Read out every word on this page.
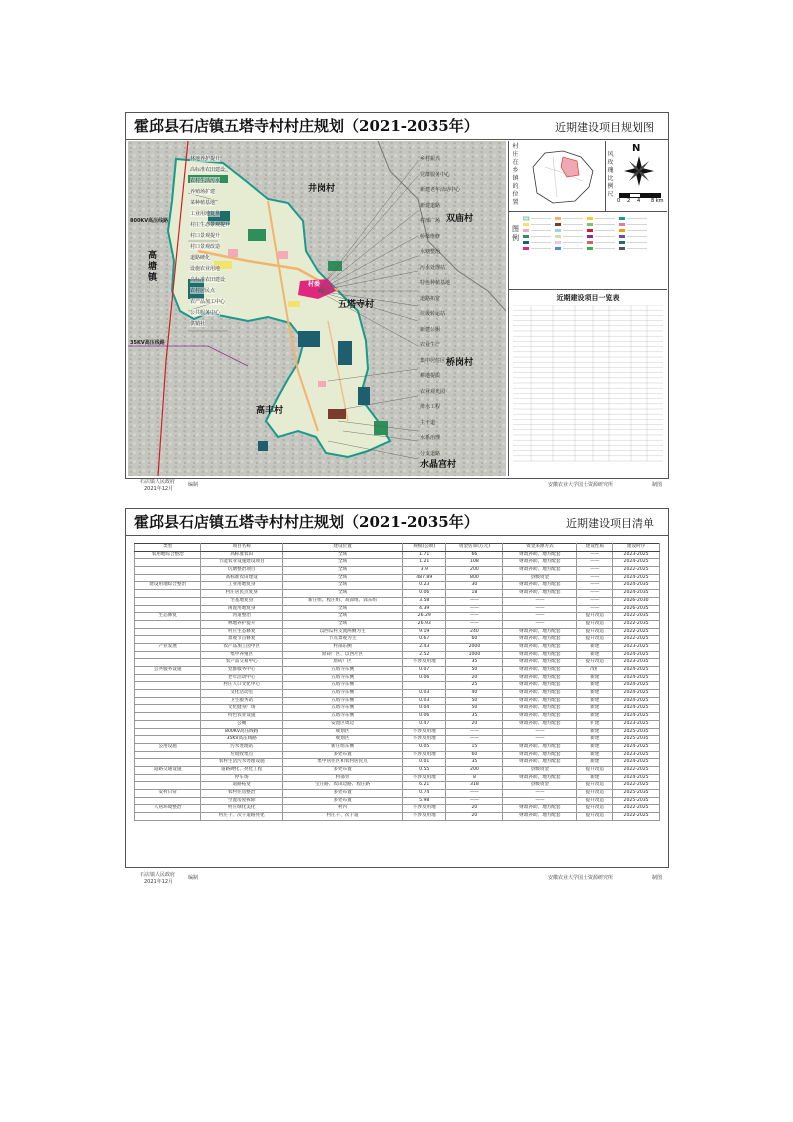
霍邱县石店镇五塔寺村村庄规划（2021-2035年）	近期建设项目规划图
井岗村
双庙村
高塘镇
五塔寺村
桥岗村
高丰村
水晶宫村
村委
800KV高压线路
35KV高压线路
林地养护提升
高标准农田建设
农村生活污水
养殖场扩建
菜种植基地
工业用地复垦
村庄生态景观提升
村口景观提升
村口景观改造
道路硬化
设施农业用地
高标准农田建设
农村居民点
农产品加工中心
公共服务中心
供销社
乡村振兴
党群服务中心
新建老年活动中心
新建道路
村部广场
桥梁维修
水塘整治
污水处理站
特色种植基地
道路拓宽
垃圾转运站
新建公厕
农业生产
集中居住区
耕地提质
农业观光园
排水工程
主干道
水系治理
分支道路
村庄在乡镇的位置
风玫瑰比例尺
N
0 2 4 8 km
图例
近期建设项目一览表
石店镇人民政府
2021年12月
编制	安徽农业大学国土资源研究所	制图
霍邱县石店镇五塔寺村村庄规划（2021-2035年）	近期建设项目清单
类型	项目名称	建设位置	规模(公顷)	资金估算(万元)	资金来源方式	建设性质	建设时序
农用地综合整治	高标准农田	全域	1.71	66	财政补助、地方配套	——	2023-2025
	节能农业设施建设项目	全域	1.21	108	财政补助、地方配套	——	2024-2025
	坑塘整治项目	全域	3.9	200	财政补助、地方配套	——	2022-2025
	高标准农田建设	全域	487.89	800	县级资金	——	2024-2025
建设用地综合整治	工业用地复垦	全域	0.23	30	财政补助、地方配套	——	2024-2035
	村庄居民点复垦	全域	0.06	18	财政补助、地方配套	——	2024-2035
	宅基地复垦	新庄组、程庄组、高郢组、郢东组	3.58	——	——	——	2026-2030
	闲置用地复垦	全域	4.39	——	——	——	2026-2035
生态修复	河道整治	全域	26.29	——	——	提升改造	2022-2035
	林地养护提升	全域	26.93	——	——	提升改造	2022-2035
	村庄生态修复	以西瓜村支流两侧为主	9.19	240	财政补助、地方配套	提升改造	2022-2025
	景观节点修复	节点景观为主	0.67	60	财政补助、地方配套	提升改造	2022-2025
产业发展	农产品加工园中区	村部东侧	2.43	2000	财政补助、地方配套	新建	2023-2025
	集中养殖区	原砖厂区、以西片区	2.52	1000	财政补助、地方配套	新建	2024-2025
	农产品交易中心	原砖厂区	不涉及用地	35	财政补助、地方配套	提升改造	2023-2035
公共服务设施	党群服务中心	五塔寺东侧	0.07	50	财政补助、地方配套	改扩	2024-2025
	老年活动中心	五塔寺东侧	0.06	20	财政补助、地方配套	新建	2024-2025
	村庄人口文化中心	五塔寺东侧		25	财政补助、地方配套	新建	2024-2025
	文化活动室	五塔寺东侧	0.03	40	财政补助、地方配套	新建	2024-2025
	卫生服务站	五塔寺东侧	0.03	50	财政补助、地方配套	新建	2024-2025
	文化健身广场	五塔寺东侧	0.04	50	财政补助、地方配套	新建	2024-2025
	特色农业设施	五塔寺东侧	0.06	35	财政补助、地方配套	新建	2024-2025
	公厕	安置区周边	0.47	20	财政补助、地方配套	扩建	2023-2025
	800KV高压线路	规划区	不涉及用地	——	——	新建	2025-2035
	35KV高压线路	规划区	不涉及用地	——	——	新建	2025-2035
公用设施	污水处理站	新庄组东侧	0.05	15	财政补助、地方配套	新建	2024-2025
	垃圾收集点	多处布置	不涉及用地	60	财政补助、地方配套	新建	2023-2025
	农村生活污水处理设施	集中居住区和农村居民点	0.01	35	财政补助、地方配套	新建	2024-2025
道路交通设施	道路硬化、亮化工程	多处布置	0.55	200	县级资金	提升改造	2022-2025
	停车场	村部旁	不涉及用地	8	财政补助、地方配套	新建	2024-2025
	道路拓宽	宝庄路、农田边路、程庄路	6.21	318	县级资金	提升改造	2022-2025
安村日常	农村住房整治	多处布置	0.74	——	——	提升改造	2025-2035
	空置房屋拆除	多处布置	5.98	——	——	提升改造	2025-2035
人居环境整治	村庄绿化美化	村内	不涉及用地	20	财政补助、地方配套	提升改造	2022-2025
	村庄干、次干道路亮化	村庄干、次干道	不涉及用地	20	财政补助、地方配套	提升改造	2022-2025
石店镇人民政府
2021年12月
编制	安徽农业大学国土资源研究所	制图
